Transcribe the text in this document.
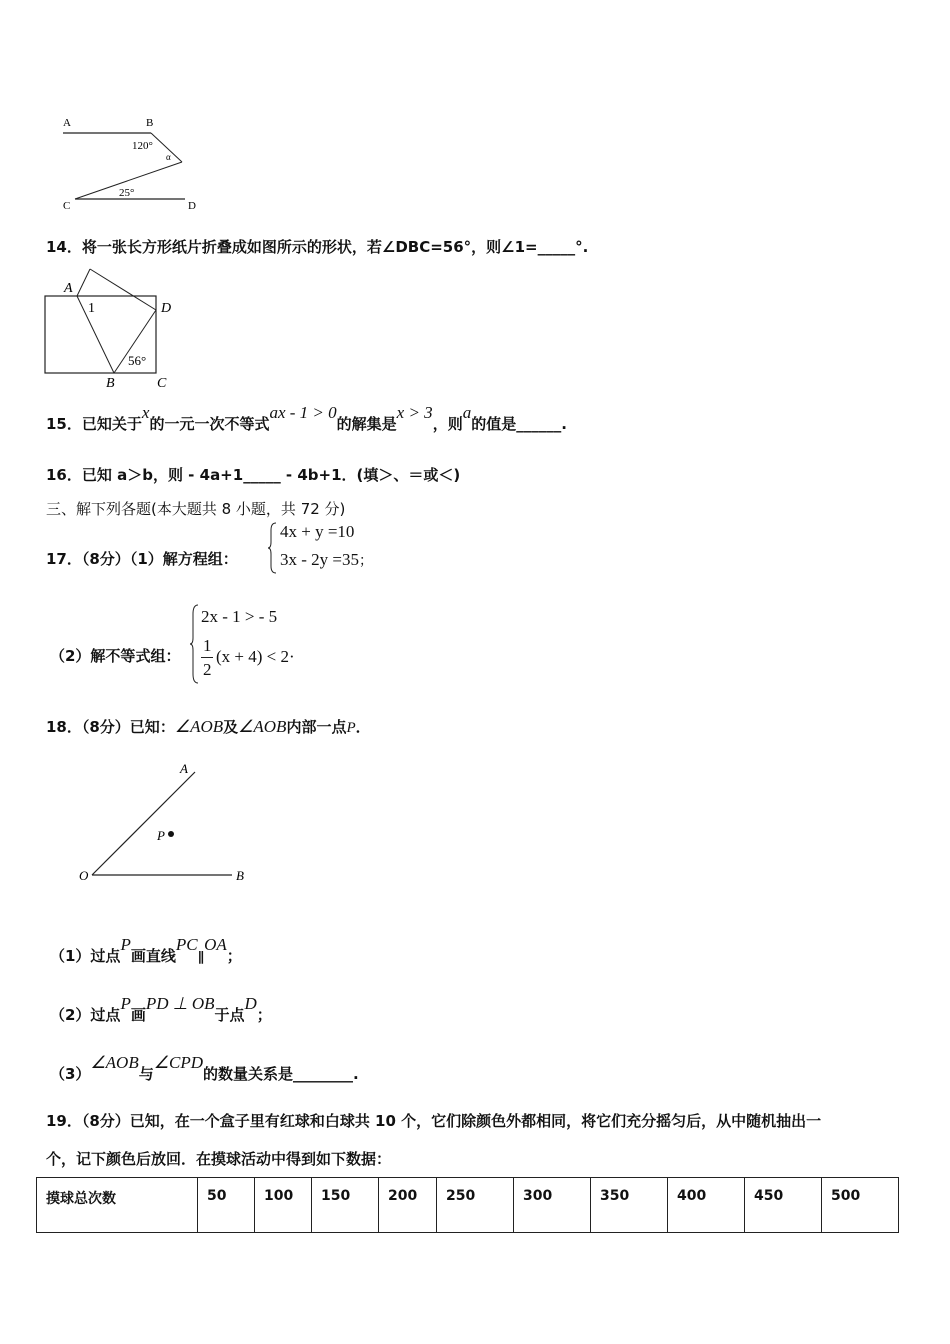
A	B
C	D
120°
α
25°
14．将一张长方形纸片折叠成如图所示的形状，若∠DBC=56°，则∠1=_____°.
A
1	D
56°
B	C
15．已知关于x的一元一次不等式ax - 1 > 0的解集是x > 3，则a的值是______.
16．已知 a＞b，则 - 4a+1_____ - 4b+1．(填＞、＝或＜)
三、解下列各题(本大题共 8 小题，共 72 分)
17．（8分）（1）解方程组：
4x + y =10
3x - 2y =35；
（2）解不等式组：
2x - 1 > - 5
1
2
(x + 4) < 2·
18．（8分）已知：∠AOB及∠AOB内部一点P．
A
P
O	B
（1）过点P画直线PC∥OA；
（2）过点P画PD ⊥ OB于点D；
（3）∠AOB与∠CPD的数量关系是________.
19．（8分）已知，在一个盒子里有红球和白球共 10 个，它们除颜色外都相同，将它们充分摇匀后，从中随机抽出一
个，记下颜色后放回．在摸球活动中得到如下数据：
摸球总次数	50	100	150	200	250	300	350	400	450	500
